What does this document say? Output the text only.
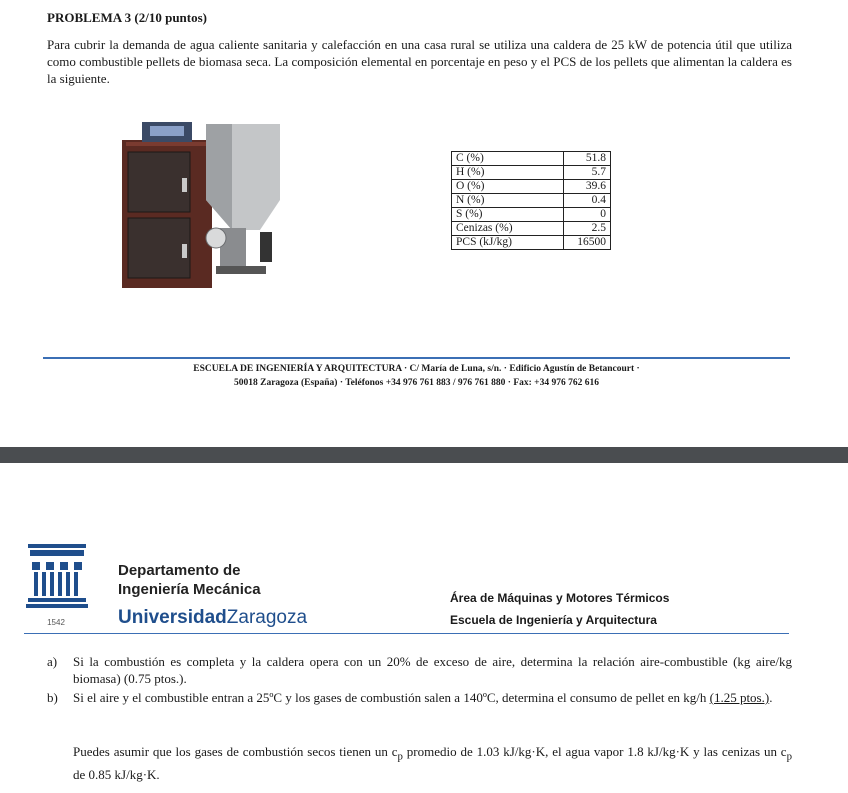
PROBLEMA 3 (2/10 puntos)

Para cubrir la demanda de agua caliente sanitaria y calefacción en una casa rural se utiliza una caldera de 25 kW de potencia útil que utiliza como combustible pellets de biomasa seca. La composición elemental en porcentaje en peso y el PCS de los pellets que alimentan la caldera es la siguiente.

C (%)	51.8
H (%)	5.7
O (%)	39.6
N (%)	0.4
S (%)	0
Cenizas (%)	2.5
PCS (kJ/kg)	16500
ESCUELA DE INGENIERÍA Y ARQUITECTURA · C/ María de Luna, s/n. · Edificio Agustín de Betancourt ·
50018 Zaragoza (España) · Teléfonos +34 976 761 883 / 976 761 880 · Fax: +34 976 762 616
1542
Departamento de
Ingeniería Mecánica
UniversidadZaragoza
Área de Máquinas y Motores Térmicos
Escuela de Ingeniería y Arquitectura
a)	Si la combustión es completa y la caldera opera con un 20% de exceso de aire, determina la relación aire-combustible (kg aire/kg biomasa) (0.75 ptos.).
b)	Si el aire y el combustible entran a 25ºC y los gases de combustión salen a 140ºC, determina el consumo de pellet en kg/h (1.25 ptos.).
Puedes asumir que los gases de combustión secos tienen un $c_p$ promedio de 1.03 kJ/kg·K, el agua vapor 1.8 kJ/kg·K y las cenizas un $c_p$ de 0.85 kJ/kg·K.
